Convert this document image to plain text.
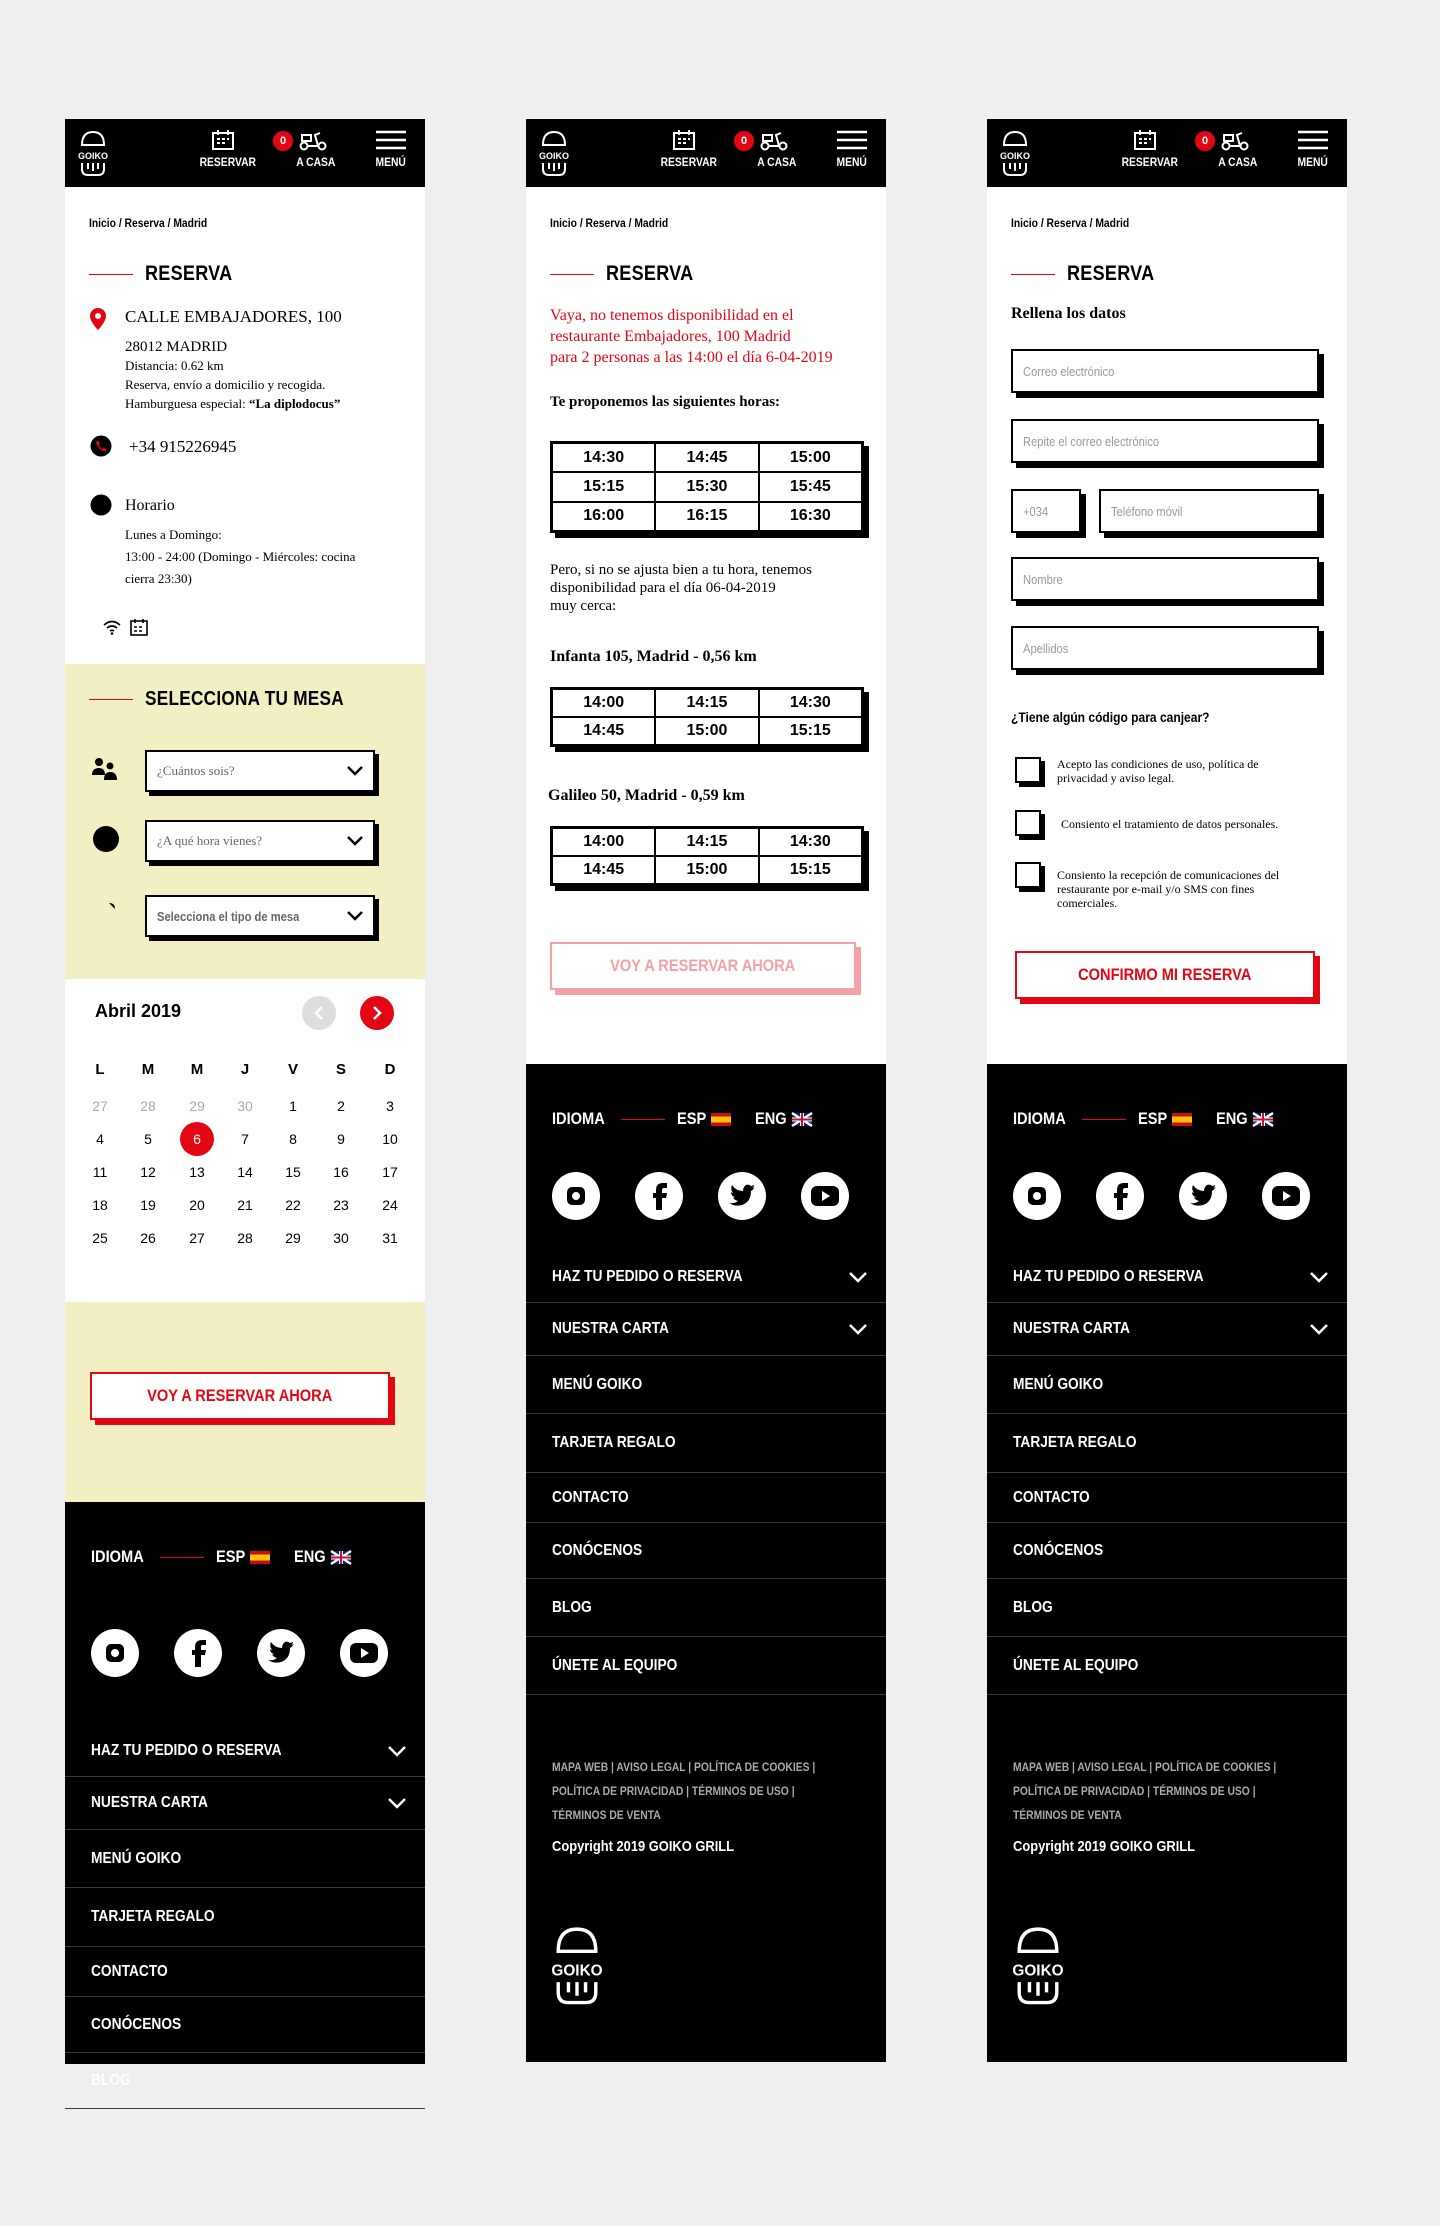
GOIKO	RESERVAR
0
A CASA	MENÚ
Inicio / Reserva / Madrid
RESERVA
CALLE EMBAJADORES, 100
28012 MADRID
Distancia: 0.62 km
Reserva, envío a domicilio y recogida.
Hamburguesa especial: “La diplodocus”
+34 915226945
Horario
Lunes a Domingo:
13:00 - 24:00 (Domingo - Miércoles: cocina
cierra 23:30)
SELECCIONA TU MESA
¿Cuántos sois?
¿A qué hora vienes?
Selecciona el tipo de mesa
Abril 2019
L	M	M	J	V	S	D
27	28	29	30	1	2	3
4	5	6	7	8	9	10
11	12	13	14	15	16	17
18	19	20	21	22	23	24
25	26	27	28	29	30	31
VOY A RESERVAR AHORA
IDIOMA	ESP	ENG
HAZ TU PEDIDO O RESERVA
NUESTRA CARTA
MENÚ GOIKO
TARJETA REGALO
CONTACTO
CONÓCENOS
BLOG
GOIKO	RESERVAR
0
A CASA	MENÚ
Inicio / Reserva / Madrid
RESERVA
Vaya, no tenemos disponibilidad en el
restaurante Embajadores, 100 Madrid
para 2 personas a las 14:00 el día 6-04-2019
Te proponemos las siguientes horas:
14:30	14:45	15:00
15:15	15:30	15:45
16:00	16:15	16:30
Pero, si no se ajusta bien a tu hora, tenemos
disponibilidad para el día 06-04-2019
muy cerca:
Infanta 105, Madrid - 0,56 km
14:00	14:15	14:30
14:45	15:00	15:15
Galileo 50, Madrid - 0,59 km
14:00	14:15	14:30
14:45	15:00	15:15
VOY A RESERVAR AHORA
IDIOMA	ESP	ENG
HAZ TU PEDIDO O RESERVA
NUESTRA CARTA
MENÚ GOIKO
TARJETA REGALO
CONTACTO
CONÓCENOS
BLOG
ÚNETE AL EQUIPO
MAPA WEB | AVISO LEGAL | POLÍTICA DE COOKIES |POLÍTICA DE PRIVACIDAD | TÉRMINOS DE USO |TÉRMINOS DE VENTA
Copyright 2019 GOIKO GRILL
GOIKO
GOIKO	RESERVAR
0
A CASA	MENÚ
Inicio / Reserva / Madrid
RESERVA
Rellena los datos
Correo electrónico
Repite el correo electrónico
+034	Teléfono móvil
Nombre
Apellidos
¿Tiene algún código para canjear?
Acepto las condiciones de uso, política de
privacidad y aviso legal.
Consiento el tratamiento de datos personales.
Consiento la recepción de comunicaciones del
restaurante por e-mail y/o SMS con fines
comerciales.
CONFIRMO MI RESERVA
IDIOMA	ESP	ENG
HAZ TU PEDIDO O RESERVA
NUESTRA CARTA
MENÚ GOIKO
TARJETA REGALO
CONTACTO
CONÓCENOS
BLOG
ÚNETE AL EQUIPO
MAPA WEB | AVISO LEGAL | POLÍTICA DE COOKIES |POLÍTICA DE PRIVACIDAD | TÉRMINOS DE USO |TÉRMINOS DE VENTA
Copyright 2019 GOIKO GRILL
GOIKO
